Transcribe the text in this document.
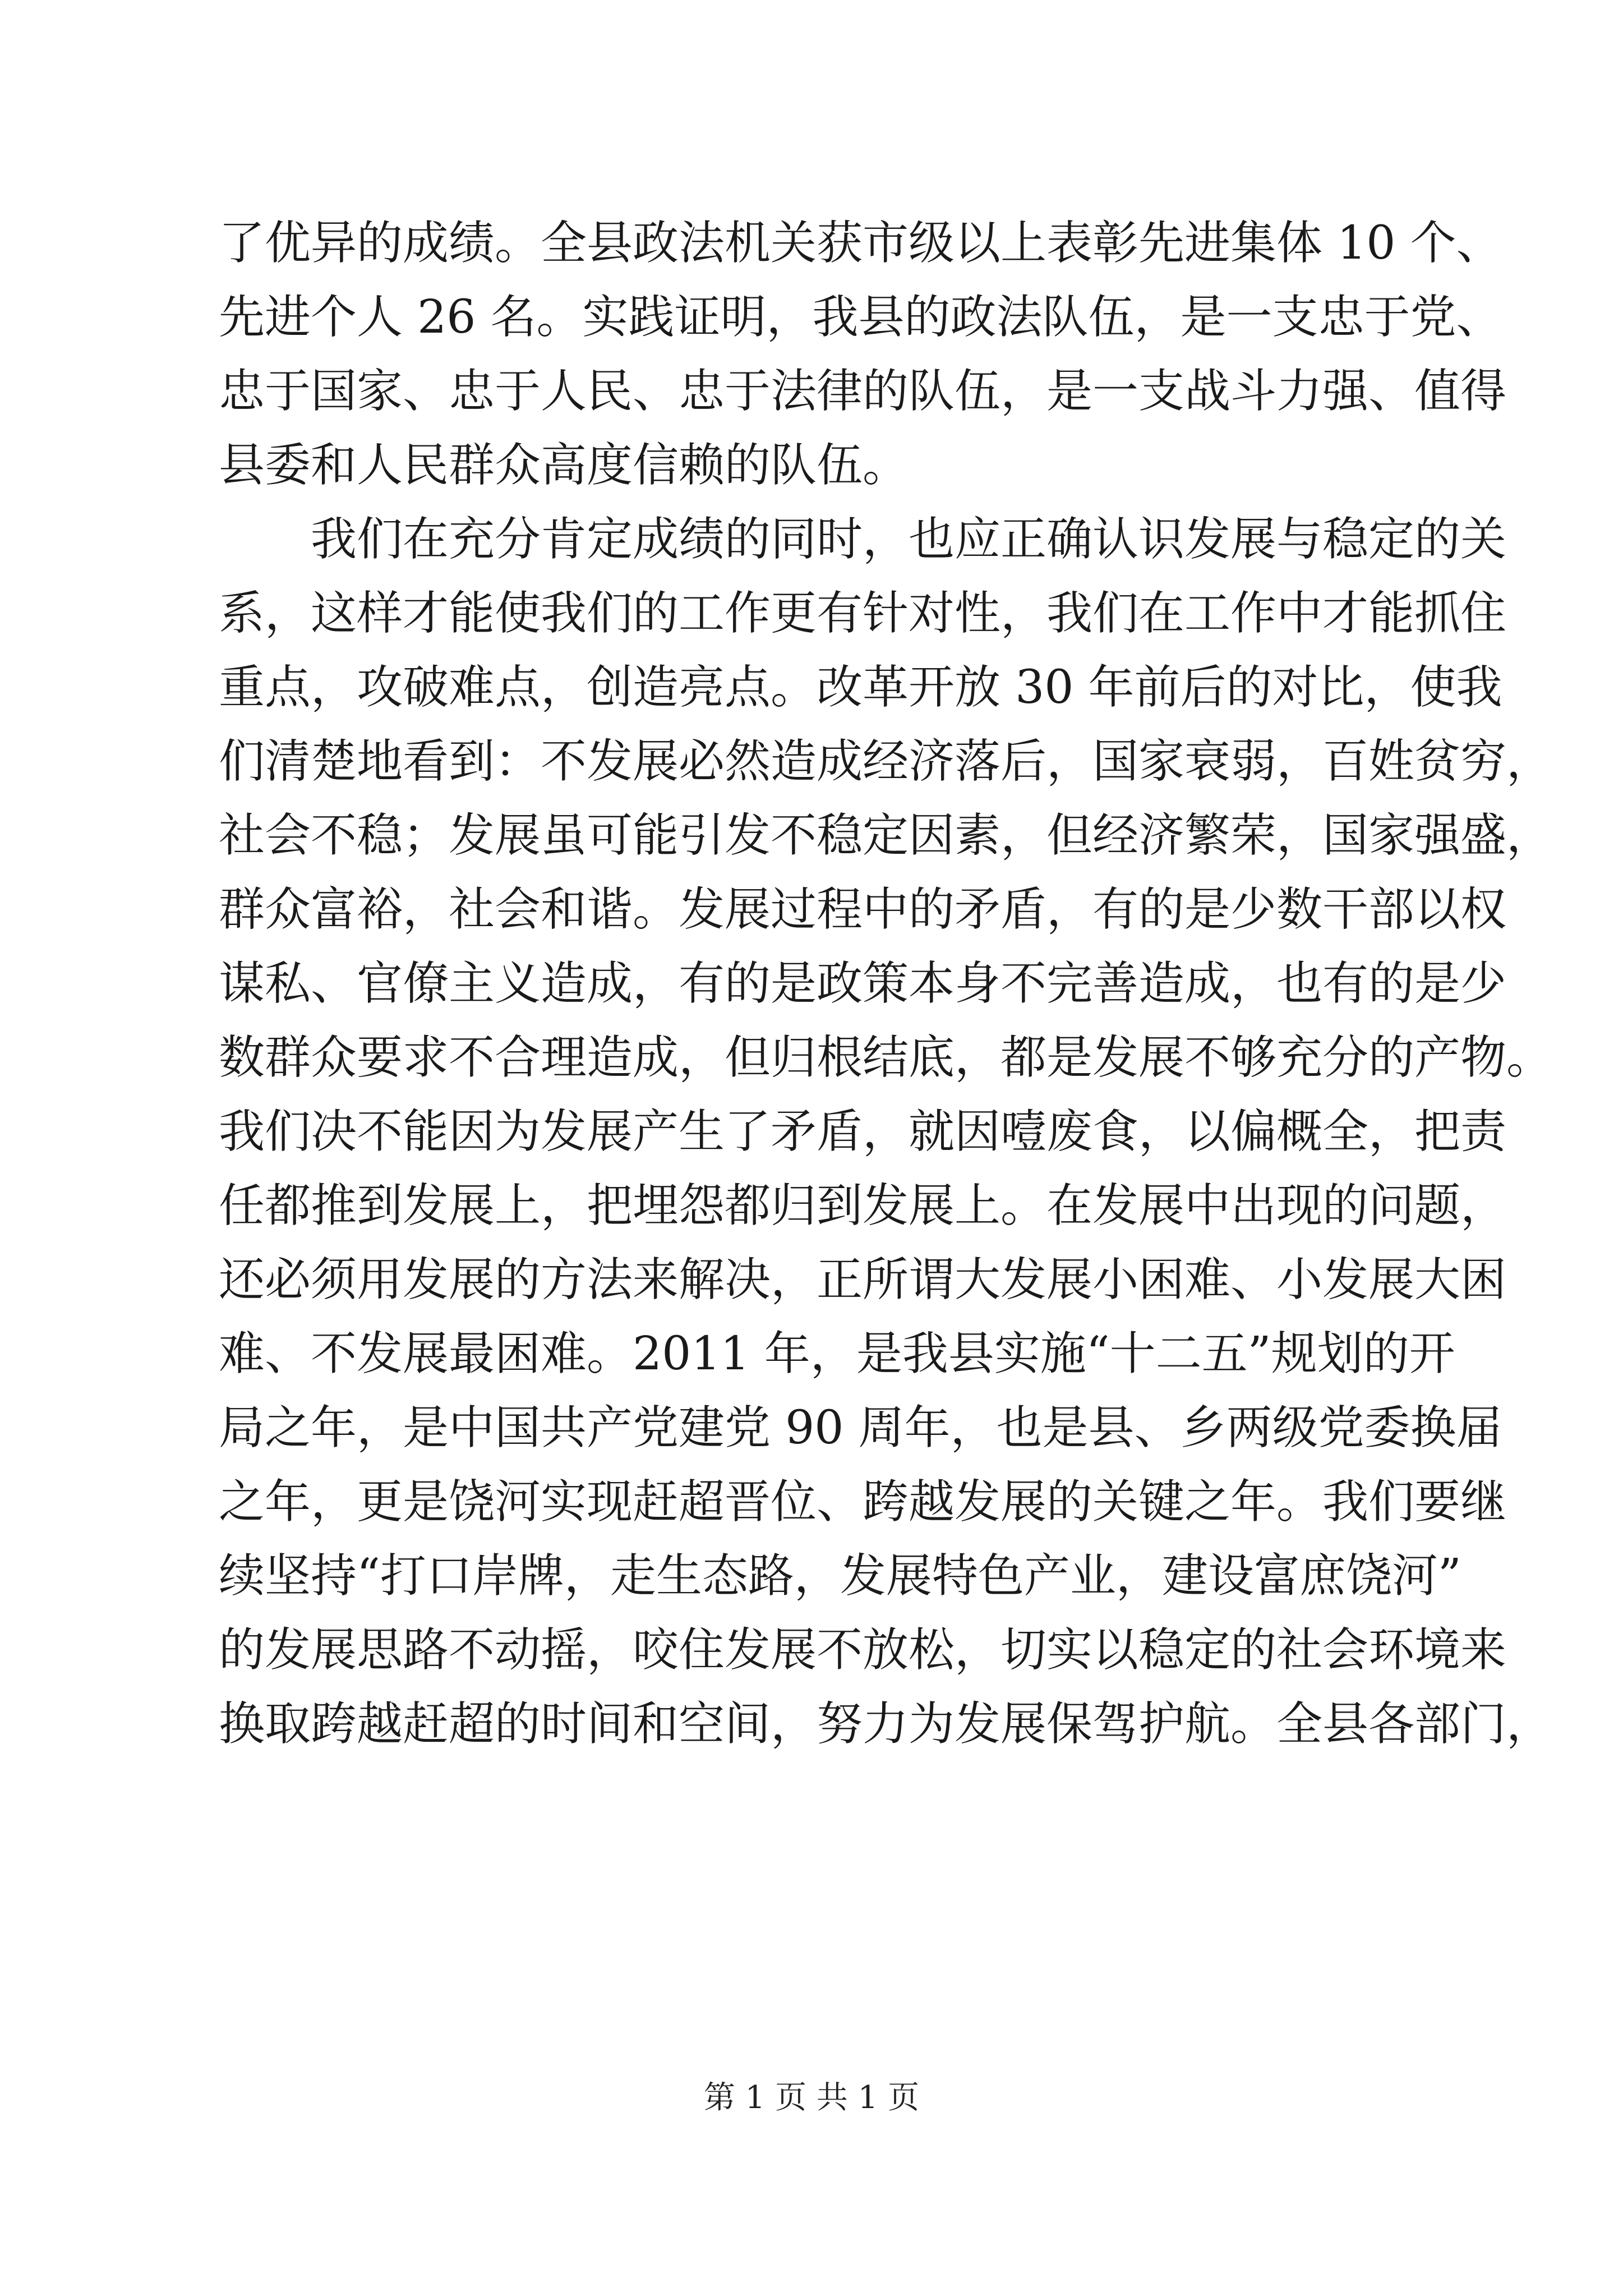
了优异的成绩。全县政法机关获市级以上表彰先进集体 10 个、
先进个人 26 名。实践证明，我县的政法队伍，是一支忠于党、
忠于国家、忠于人民、忠于法律的队伍，是一支战斗力强、值得
县委和人民群众高度信赖的队伍。
我们在充分肯定成绩的同时，也应正确认识发展与稳定的关
系，这样才能使我们的工作更有针对性，我们在工作中才能抓住
重点，攻破难点，创造亮点。改革开放 30 年前后的对比，使我
们清楚地看到：不发展必然造成经济落后，国家衰弱，百姓贫穷，
社会不稳；发展虽可能引发不稳定因素，但经济繁荣，国家强盛，
群众富裕，社会和谐。发展过程中的矛盾，有的是少数干部以权
谋私、官僚主义造成，有的是政策本身不完善造成，也有的是少
数群众要求不合理造成，但归根结底，都是发展不够充分的产物。
我们决不能因为发展产生了矛盾，就因噎废食，以偏概全，把责
任都推到发展上，把埋怨都归到发展上。在发展中出现的问题，
还必须用发展的方法来解决，正所谓大发展小困难、小发展大困
难、不发展最困难。2011 年，是我县实施“十二五”规划的开
局之年，是中国共产党建党 90 周年，也是县、乡两级党委换届
之年，更是饶河实现赶超晋位、跨越发展的关键之年。我们要继
续坚持“打口岸牌，走生态路，发展特色产业，建设富庶饶河”
的发展思路不动摇，咬住发展不放松，切实以稳定的社会环境来
换取跨越赶超的时间和空间，努力为发展保驾护航。全县各部门，
第 1 页 共 1 页
